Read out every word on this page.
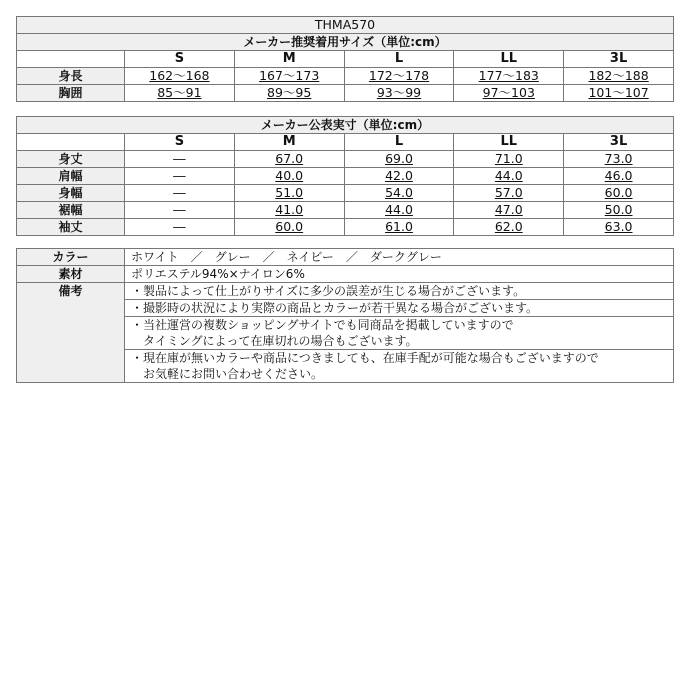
THMA570					
メーカー推奨着用サイズ（単位:cm）					
	S	M	L	LL	3L
身長	162～168	167～173	172～178	177～183	182～188
胸囲	85～91	89～95	93～99	97～103	101～107
メーカー公表実寸（単位:cm）					
	S	M	L	LL	3L
身丈	―	67.0	69.0	71.0	73.0
肩幅	―	40.0	42.0	44.0	46.0
身幅	―	51.0	54.0	57.0	60.0
裾幅	―	41.0	44.0	47.0	50.0
袖丈	―	60.0	61.0	62.0	63.0
カラー	ホワイト　／　グレー　／　ネイビー　／　ダークグレー
素材	ポリエステル94%×ナイロン6%
備考	・製品によって仕上がりサイズに多少の誤差が生じる場合がございます。

	・撮影時の状況により実際の商品とカラーが若干異なる場合がございます。

	・当社運営の複数ショッピングサイトでも同商品を掲載していますので
　タイミングによって在庫切れの場合もございます。

	・現在庫が無いカラーや商品につきましても、在庫手配が可能な場合もございますので
　お気軽にお問い合わせください。
